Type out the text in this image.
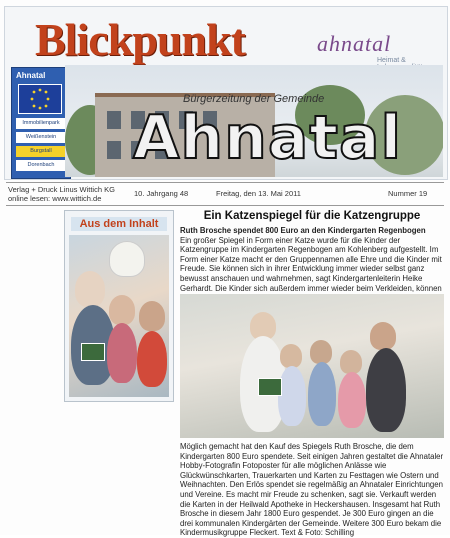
Blickpunkt	ahnatal
Heimat &
Ahnatal
Immobilienpark
Weißenstein
Burgstall
Dorenbach
Bürgerzeitung der Gemeinde
Ahnatal
Verlag + Druck Linus Wittich KG
online lesen: www.wittich.de
10. Jahrgang 48	Freitag, den 13. Mai 2011	Nummer 19
Aus dem Inhalt
Ein Katzenspiegel für die Katzengruppe
Ruth Brosche spendet 800 Euro an den Kindergarten Regenbogen
Ein großer Spiegel in Form einer Katze wurde für die Kinder der Katzengruppe im Kindergarten Regenbogen am Kohlenberg aufgestellt. Im Form einer Katze macht er den Gruppennamen alle Ehre und die Kinder mit Freude. Sie können sich in ihrer Entwicklung immer wieder selbst ganz bewusst anschauen und wahrnehmen, sagt Kindergartenleiterin Heike Gerhardt. Die Kinder sich außerdem immer wieder beim Verkleiden, können
Möglich gemacht hat den Kauf des Spiegels Ruth Brosche, die dem Kindergarten 800 Euro spendete. Seit einigen Jahren gestaltet die Ahnataler Hobby-Fotografin Fotoposter für alle möglichen Anlässe wie Glückwünschkarten, Trauerkarten und Karten zu Festtagen wie Ostern und Weihnachten. Den Erlös spendet sie regelmäßig an Ahnataler Einrichtungen und Vereine. Es macht mir Freude zu schenken, sagt sie. Verkauft werden die Karten in der Heilwald Apotheke in Heckershausen. Insgesamt hat Ruth Brosche in diesem Jahr 1800 Euro gespendet. Je 300 Euro gingen an die drei kommunalen Kindergärten der Gemeinde. Weitere 300 Euro bekam die Kindermusikgruppe Fleckert. Text & Foto: Schilling
